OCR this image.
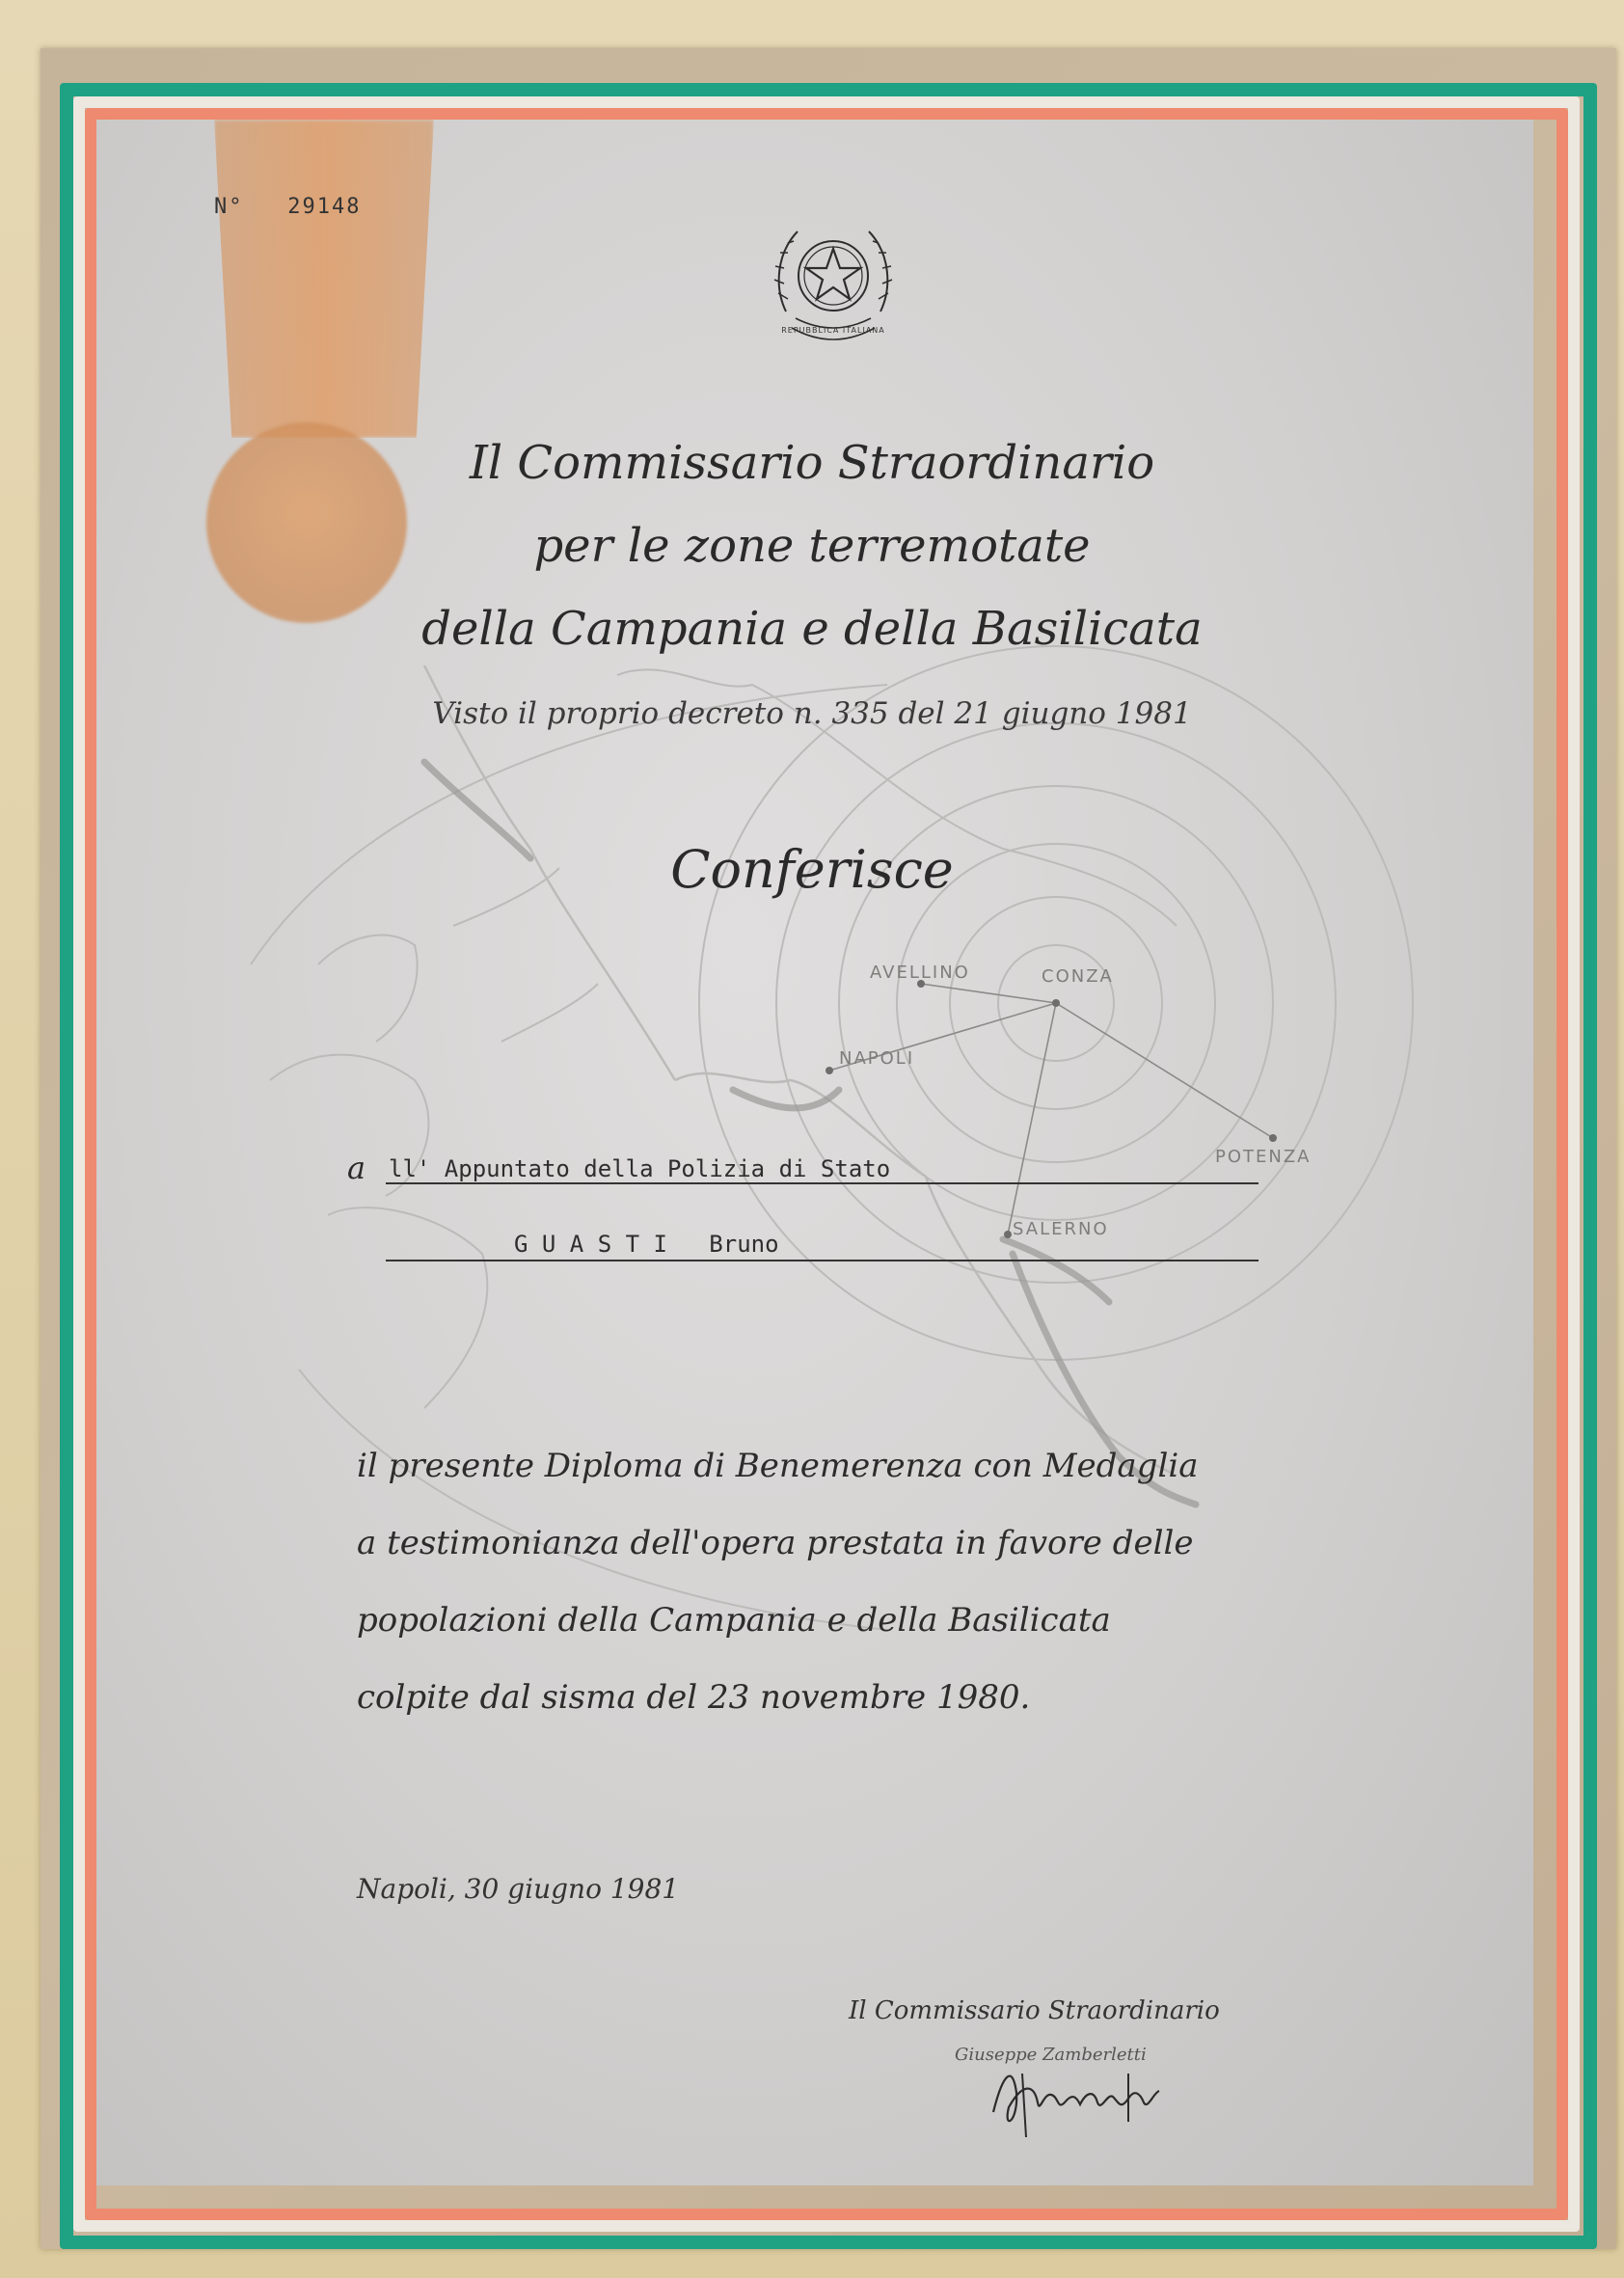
N° 29148
REPUBBLICA ITALIANA
AVELLINO	CONZA
NAPOLI
POTENZA
SALERNO
Il Commissario Straordinario
per le zone terremotate
della Campania e della Basilicata
Visto il proprio decreto n. 335 del 21 giugno 1981
Conferisce
a ll' Appuntato della Polizia di Stato
G U A S T I   Bruno
il presente Diploma di Benemerenza con Medaglia
a testimonianza dell'opera prestata in favore delle
popolazioni della Campania e della Basilicata
colpite dal sisma del 23 novembre 1980.
Napoli, 30 giugno 1981
Il Commissario Straordinario
Giuseppe Zamberletti
